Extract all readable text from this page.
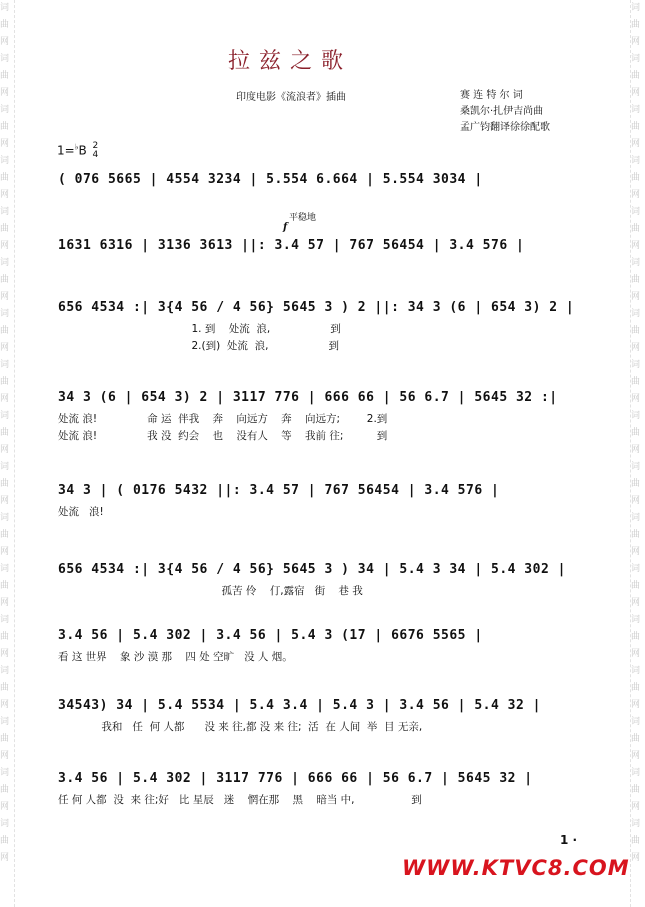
词曲网词曲网词曲网词曲网词曲网词曲网词曲网词曲网词曲网词曲网词曲网词曲网词曲网词曲网词曲网词曲网词曲网
词曲网词曲网词曲网词曲网词曲网词曲网词曲网词曲网词曲网词曲网词曲网词曲网词曲网词曲网词曲网词曲网词曲网
拉兹之歌
印度电影《流浪者》插曲	赛 连 特 尔 词
桑凯尔·扎伊吉尚曲
孟广钧翻译徐徐配歌
1=♭B 2
4
平稳地
f
( 076 5665 | 4554 3234 | 5.554 6.664 | 5.554 3034 |
1631 6316 | 3136 3613 ||: 3.4 57 | 767 56454 | 3.4 576 |
656 4534 :| 3{4 56 / 4 56} 5645 3 ) 2 ||: 34 3 (6 | 654 3) 2 |
1. 到    处流  浪,                  到
2.(到)  处流  浪,                  到
34 3 (6 | 654 3) 2 | 3117 776 | 666 66 | 56 6.7 | 5645 32 :|
处流 浪!               命 运  伴我    奔    向远方    奔    向远方;        2.到
处流 浪!               我 没  约会    也    没有人    等    我前 往;          到
34 3 | ( 0176 5432 ||: 3.4 57 | 767 56454 | 3.4 576 |
处流   浪!
656 4534 :| 3{4 56 / 4 56} 5645 3 ) 34 | 5.4 3 34 | 5.4 302 |
孤苦 伶    仃,露宿   街    巷 我
3.4 56 | 5.4 302 | 3.4 56 | 5.4 3 (17 | 6676 5565 |
看 这 世界    象 沙 漠 那    四 处 空旷   没 人 烟。
34543) 34 | 5.4 5534 | 5.4 3.4 | 5.4 3 | 3.4 56 | 5.4 32 |
我和   任  何 人都      没 来 往,都 没 来 往;  活  在 人间  举  目 无亲,
3.4 56 | 5.4 302 | 3117 776 | 666 66 | 56 6.7 | 5645 32 |
任 何 人都  没  来 往;好   比 星辰   迷    惘在那    黑    暗当 中,                 到
1 ·
WWW.KTVC8.COM
